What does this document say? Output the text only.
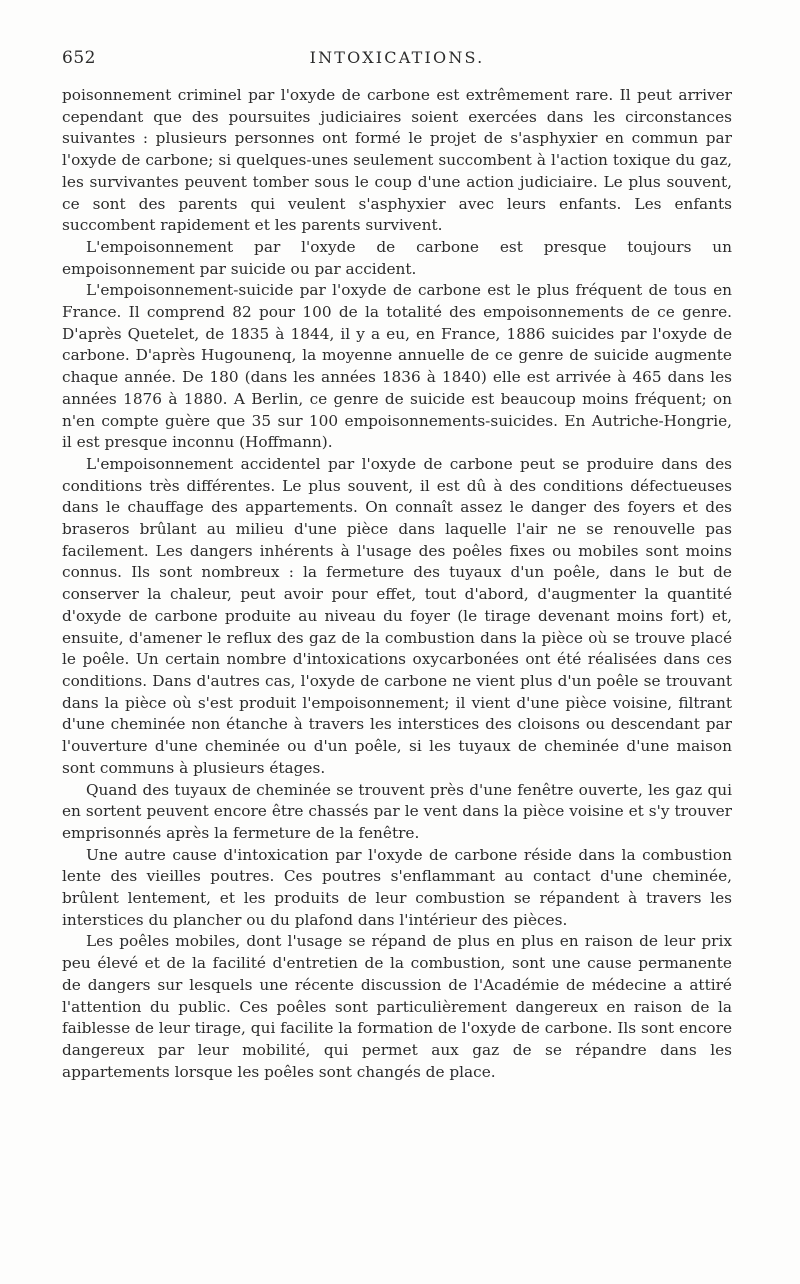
652	INTOXICATIONS.

poisonnement criminel par l'oxyde de carbone est extrêmement rare. Il peut arriver cependant que des poursuites judiciaires soient exercées dans les circonstances suivantes : plusieurs personnes ont formé le projet de s'asphyxier en commun par l'oxyde de carbone; si quelques-unes seulement succombent à l'action toxique du gaz, les survivantes peuvent tomber sous le coup d'une action judiciaire. Le plus souvent, ce sont des parents qui veulent s'asphyxier avec leurs enfants. Les enfants succombent rapidement et les parents survivent.

L'empoisonnement par l'oxyde de carbone est presque toujours un empoisonnement par suicide ou par accident.

L'empoisonnement-suicide par l'oxyde de carbone est le plus fréquent de tous en France. Il comprend 82 pour 100 de la totalité des empoisonnements de ce genre. D'après Quetelet, de 1835 à 1844, il y a eu, en France, 1886 suicides par l'oxyde de carbone. D'après Hugounenq, la moyenne annuelle de ce genre de suicide augmente chaque année. De 180 (dans les années 1836 à 1840) elle est arrivée à 465 dans les années 1876 à 1880. A Berlin, ce genre de suicide est beaucoup moins fréquent; on n'en compte guère que 35 sur 100 empoisonnements-suicides. En Autriche-Hongrie, il est presque inconnu (Hoffmann).

L'empoisonnement accidentel par l'oxyde de carbone peut se produire dans des conditions très différentes. Le plus souvent, il est dû à des conditions défectueuses dans le chauffage des appartements. On connaît assez le danger des foyers et des braseros brûlant au milieu d'une pièce dans laquelle l'air ne se renouvelle pas facilement. Les dangers inhérents à l'usage des poêles fixes ou mobiles sont moins connus. Ils sont nombreux : la fermeture des tuyaux d'un poêle, dans le but de conserver la chaleur, peut avoir pour effet, tout d'abord, d'augmenter la quantité d'oxyde de carbone produite au niveau du foyer (le tirage devenant moins fort) et, ensuite, d'amener le reflux des gaz de la combustion dans la pièce où se trouve placé le poêle. Un certain nombre d'intoxications oxycarbonées ont été réalisées dans ces conditions. Dans d'autres cas, l'oxyde de carbone ne vient plus d'un poêle se trouvant dans la pièce où s'est produit l'empoisonnement; il vient d'une pièce voisine, filtrant d'une cheminée non étanche à travers les interstices des cloisons ou descendant par l'ouverture d'une cheminée ou d'un poêle, si les tuyaux de cheminée d'une maison sont communs à plusieurs étages.

Quand des tuyaux de cheminée se trouvent près d'une fenêtre ouverte, les gaz qui en sortent peuvent encore être chassés par le vent dans la pièce voisine et s'y trouver emprisonnés après la fermeture de la fenêtre.

Une autre cause d'intoxication par l'oxyde de carbone réside dans la combustion lente des vieilles poutres. Ces poutres s'enflammant au contact d'une cheminée, brûlent lentement, et les produits de leur combustion se répandent à travers les interstices du plancher ou du plafond dans l'intérieur des pièces.

Les poêles mobiles, dont l'usage se répand de plus en plus en raison de leur prix peu élevé et de la facilité d'entretien de la combustion, sont une cause permanente de dangers sur lesquels une récente discussion de l'Académie de médecine a attiré l'attention du public. Ces poêles sont particulièrement dangereux en raison de la faiblesse de leur tirage, qui facilite la formation de l'oxyde de carbone. Ils sont encore dangereux par leur mobilité, qui permet aux gaz de se répandre dans les appartements lorsque les poêles sont changés de place.
